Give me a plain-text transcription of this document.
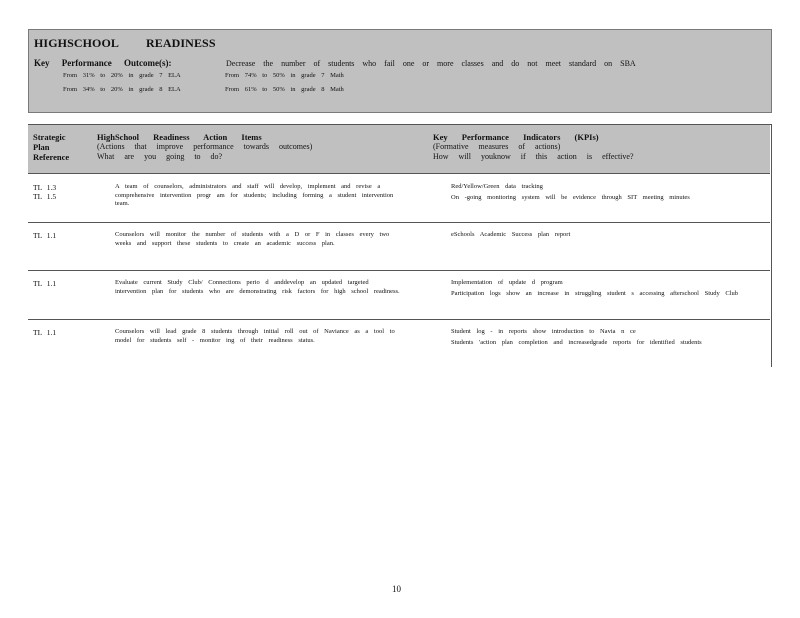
HIGHSCHOOL READINESS
Key Performance Outcome(s):	Decrease the number of students who fail one or more classes and do not meet standard on SBA
From 31% to 20% in grade 7 ELA	From 74% to 50% in grade 7 Math
From 34% to 20% in grade 8 ELA	From 61% to 50% in grade 8 Math
Strategic
Plan
Reference
HighSchool Readiness Action Items
(Actions that improve performance towards outcomes)
What are you going to do?
Key Performance Indicators (KPIs)
(Formative measures of actions)
How will youknow if this action is effective?
TL 1.3
TL 1.5
A team of counselors, administrators and staff will develop, implement and revise a comprehensive intervention progr am for students; including forming a student intervention team.
Red/Yellow/Green data tracking
On -going monitoring system will be evidence through SIT meeting minutes
TL 1.1	Counselors will monitor the number of students with a D or F in classes every two weeks and support these students to create an academic success plan.
eSchools Academic Success plan report
TL 1.1	Evaluate current Study Club/ Connections perio d anddevelop an updated targeted intervention plan for students who are demonstrating risk factors for high school readiness.
Implementation of update d program
Participation logs show an increase in struggling student s accessing afterschool Study Club
TL 1.1	Counselors will lead grade 8 students through initial roll out of Naviance as a tool to model for students self - monitor ing of their readiness status.
Student log - in reports show introduction to Navia n ce
Students 'action plan completion and increasedgrade reports for identified students
10
